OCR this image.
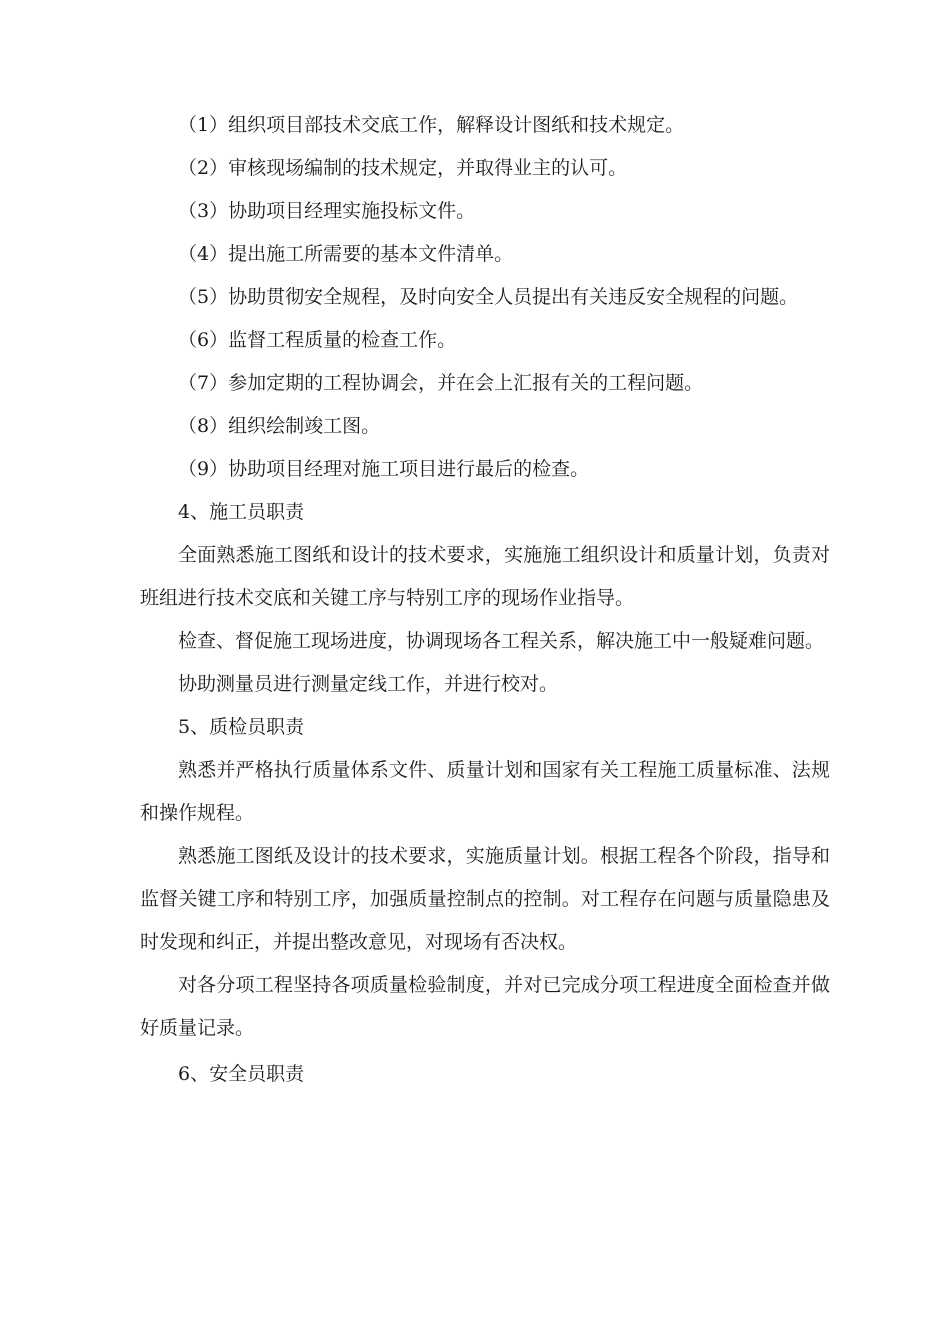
（1）组织项目部技术交底工作，解释设计图纸和技术规定。

（2）审核现场编制的技术规定，并取得业主的认可。

（3）协助项目经理实施投标文件。

（4）提出施工所需要的基本文件清单。

（5）协助贯彻安全规程，及时向安全人员提出有关违反安全规程的问题。

（6）监督工程质量的检查工作。

（7）参加定期的工程协调会，并在会上汇报有关的工程问题。

（8）组织绘制竣工图。

（9）协助项目经理对施工项目进行最后的检查。

4、施工员职责

全面熟悉施工图纸和设计的技术要求，实施施工组织设计和质量计划，负责对班组进行技术交底和关键工序与特别工序的现场作业指导。

检查、督促施工现场进度，协调现场各工程关系，解决施工中一般疑难问题。

协助测量员进行测量定线工作，并进行校对。

5、质检员职责

熟悉并严格执行质量体系文件、质量计划和国家有关工程施工质量标准、法规和操作规程。

熟悉施工图纸及设计的技术要求，实施质量计划。根据工程各个阶段，指导和监督关键工序和特别工序，加强质量控制点的控制。对工程存在问题与质量隐患及时发现和纠正，并提出整改意见，对现场有否决权。

对各分项工程坚持各项质量检验制度，并对已完成分项工程进度全面检查并做好质量记录。

6、安全员职责
